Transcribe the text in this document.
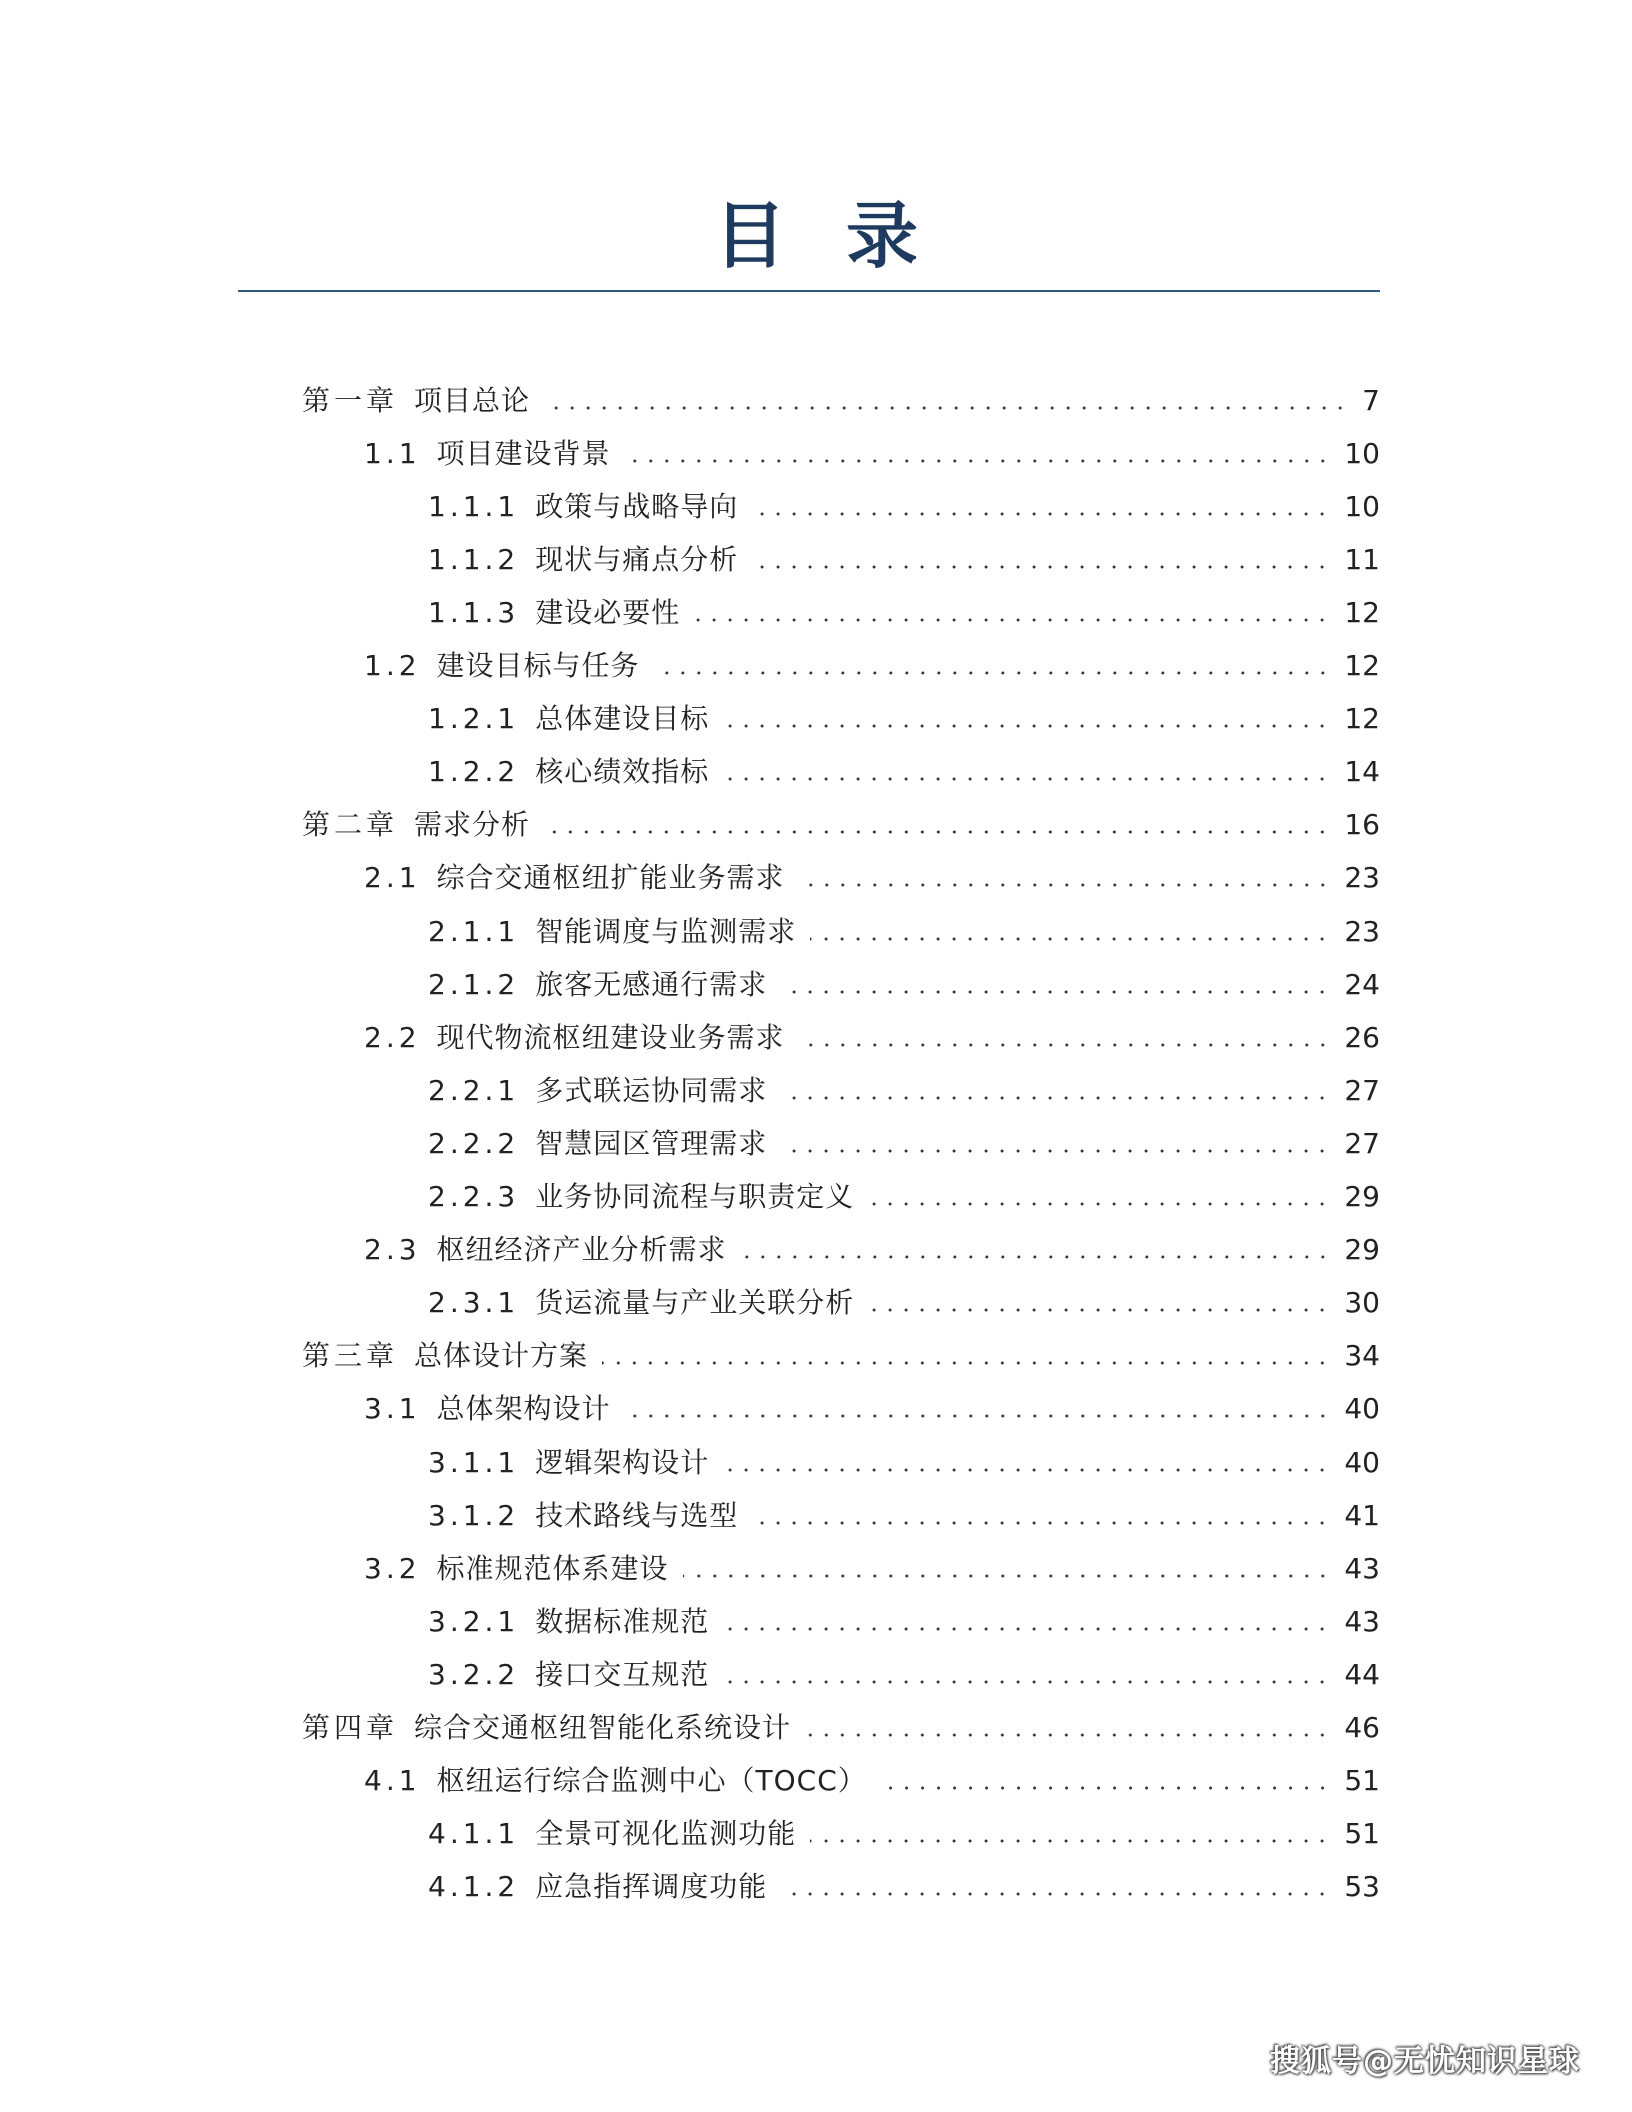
目录
第一章 项目总论	7
1.1 项目建设背景	10
1.1.1 政策与战略导向	10
1.1.2 现状与痛点分析	11
1.1.3 建设必要性	12
1.2 建设目标与任务	12
1.2.1 总体建设目标	12
1.2.2 核心绩效指标	14
第二章 需求分析	16
2.1 综合交通枢纽扩能业务需求	23
2.1.1 智能调度与监测需求	23
2.1.2 旅客无感通行需求	24
2.2 现代物流枢纽建设业务需求	26
2.2.1 多式联运协同需求	27
2.2.2 智慧园区管理需求	27
2.2.3 业务协同流程与职责定义	29
2.3 枢纽经济产业分析需求	29
2.3.1 货运流量与产业关联分析	30
第三章 总体设计方案	34
3.1 总体架构设计	40
3.1.1 逻辑架构设计	40
3.1.2 技术路线与选型	41
3.2 标准规范体系建设	43
3.2.1 数据标准规范	43
3.2.2 接口交互规范	44
第四章 综合交通枢纽智能化系统设计	46
4.1 枢纽运行综合监测中心（TOCC）	51
4.1.1 全景可视化监测功能	51
4.1.2 应急指挥调度功能	53
搜狐号@无忧知识星球
